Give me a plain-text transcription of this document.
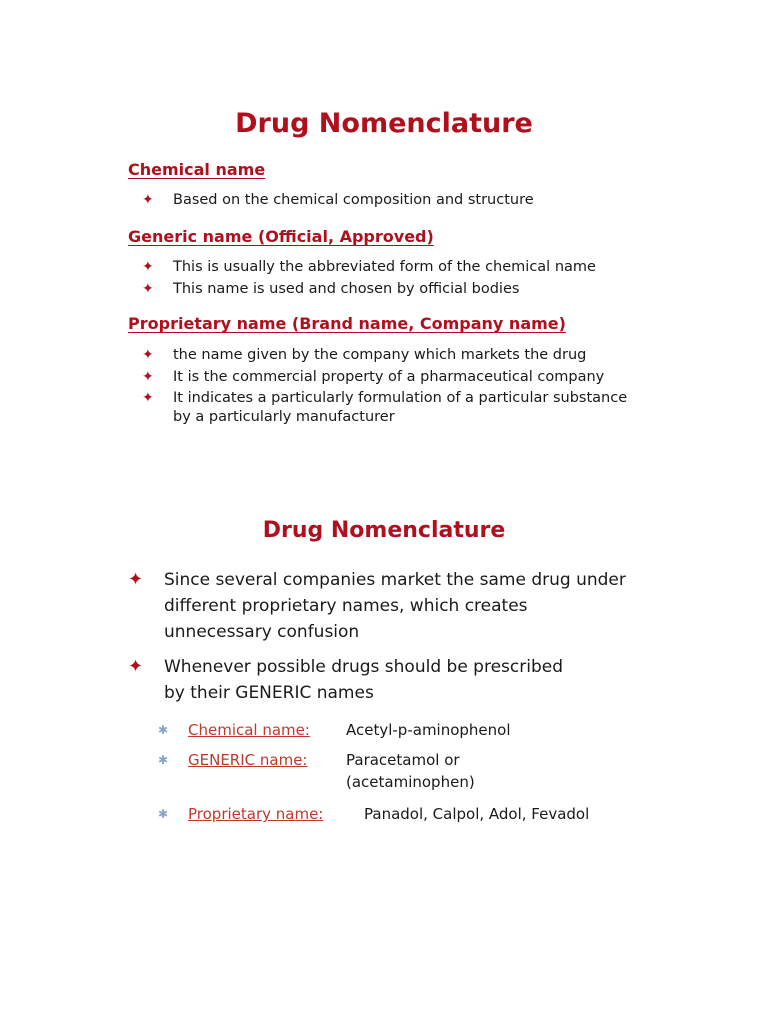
Drug Nomenclature
Chemical name
✦ Based on the chemical composition and structure
Generic name (Official, Approved)
✦ This is usually the abbreviated form of the chemical name
✦ This name is used and chosen by official bodies
Proprietary name (Brand name, Company name)
✦ the name given by the company which markets the drug
✦ It is the commercial property of a pharmaceutical company
✦ It indicates a particularly formulation of a particular substance by a particularly manufacturer
Drug Nomenclature
✦ Since several companies market the same drug under different proprietary names, which creates unnecessary confusion
✦ Whenever possible drugs should be prescribed by their GENERIC names
✱ Chemical name: Acetyl-p-aminophenol
✱ GENERIC name:	Paracetamol or
(acetaminophen)
✱ Proprietary name:	Panadol, Calpol, Adol, Fevadol
